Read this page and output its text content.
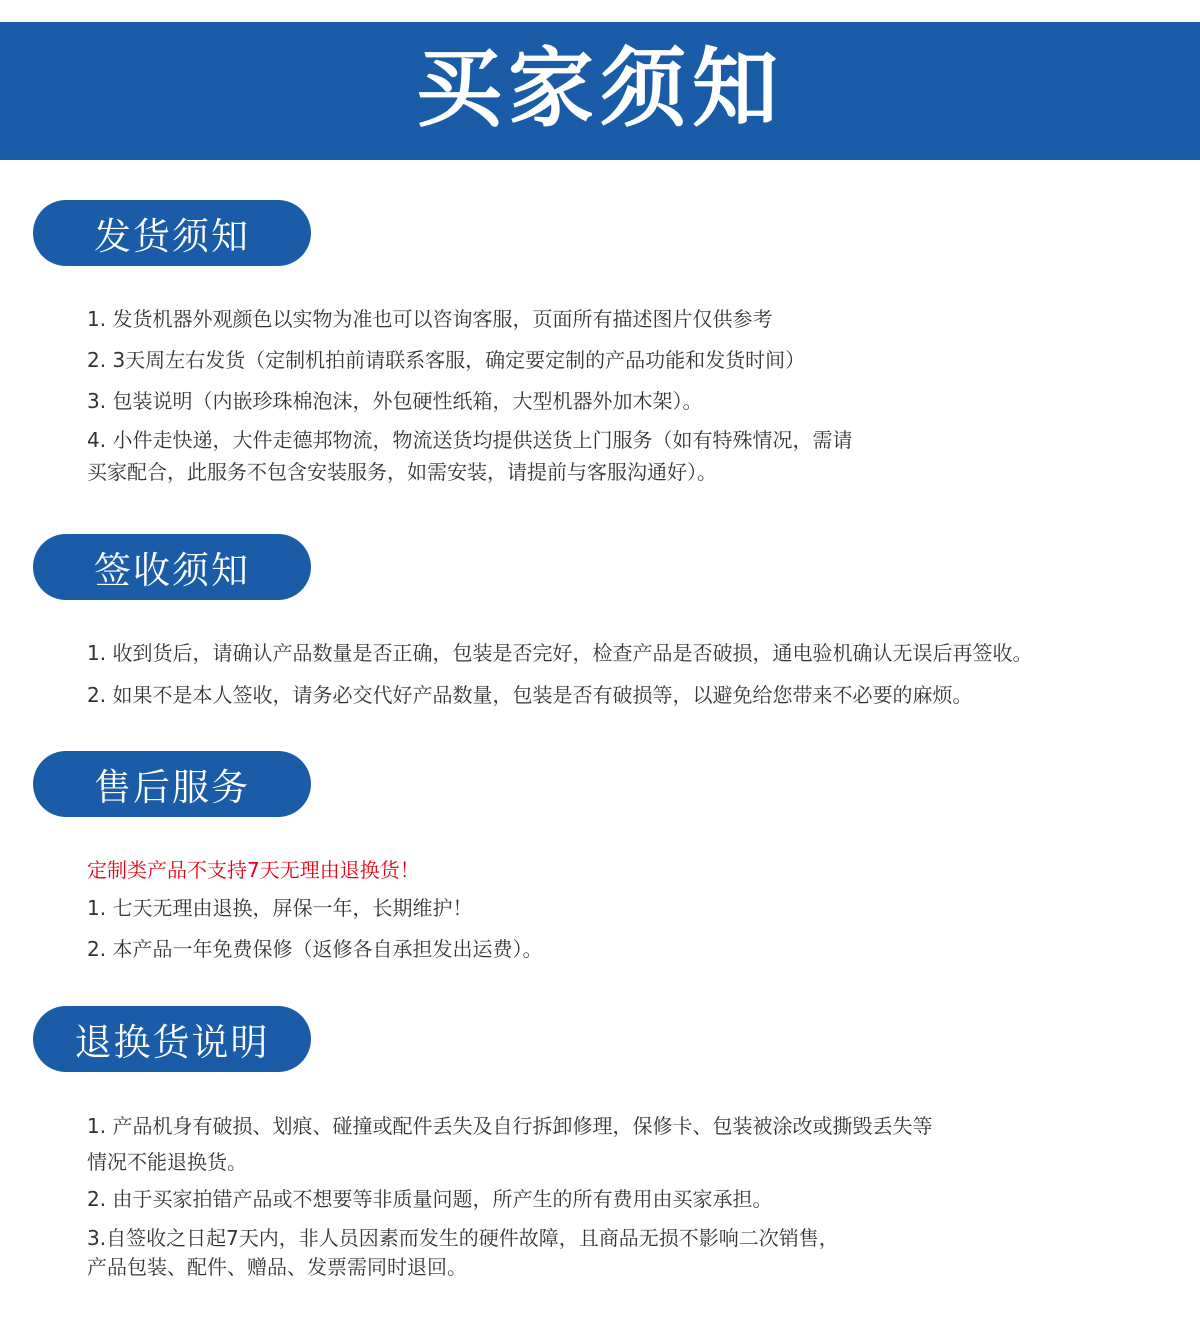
买家须知
发货须知
1. 发货机器外观颜色以实物为准也可以咨询客服，页面所有描述图片仅供参考
2. 3天周左右发货（定制机拍前请联系客服，确定要定制的产品功能和发货时间）
3. 包装说明（内嵌珍珠棉泡沫，外包硬性纸箱，大型机器外加木架）。
4. 小件走快递，大件走德邦物流，物流送货均提供送货上门服务（如有特殊情况，需请
买家配合，此服务不包含安装服务，如需安装，请提前与客服沟通好）。
签收须知
1. 收到货后，请确认产品数量是否正确，包装是否完好，检查产品是否破损，通电验机确认无误后再签收。
2. 如果不是本人签收，请务必交代好产品数量，包装是否有破损等，以避免给您带来不必要的麻烦。
售后服务
定制类产品不支持7天无理由退换货！
1. 七天无理由退换，屏保一年，长期维护！
2. 本产品一年免费保修（返修各自承担发出运费）。
退换货说明
1. 产品机身有破损、划痕、碰撞或配件丢失及自行拆卸修理，保修卡、包装被涂改或撕毁丢失等
情况不能退换货。
2. 由于买家拍错产品或不想要等非质量问题，所产生的所有费用由买家承担。
3.自签收之日起7天内，非人员因素而发生的硬件故障，且商品无损不影响二次销售，
产品包装、配件、赠品、发票需同时退回。
